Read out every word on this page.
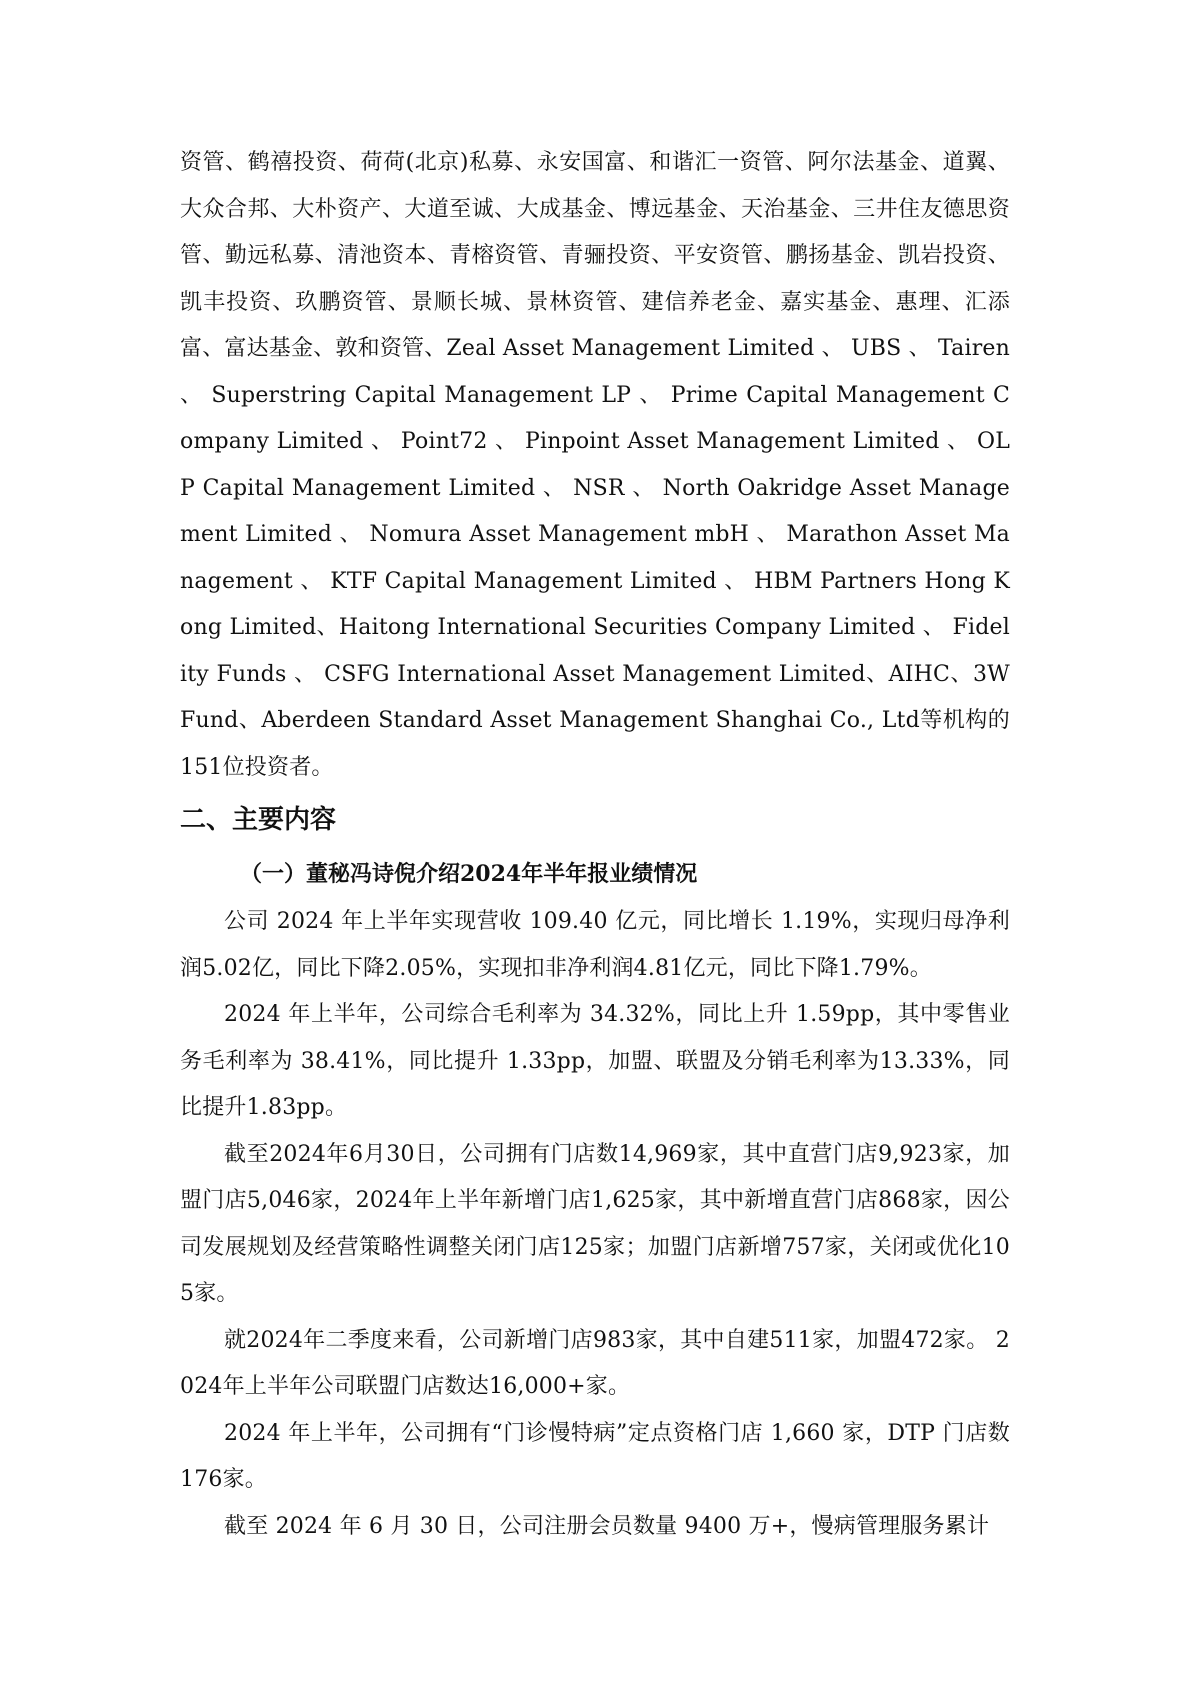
资管、鹤禧投资、荷荷(北京)私募、永安国富、和谐汇一资管、阿尔法基金、道翼、大众合邦、大朴资产、大道至诚、大成基金、博远基金、天治基金、三井住友德思资管、勤远私募、清池资本、青榕资管、青骊投资、平安资管、鹏扬基金、凯岩投资、凯丰投资、玖鹏资管、景顺长城、景林资管、建信养老金、嘉实基金、惠理、汇添富、富达基金、敦和资管、Zeal Asset Management Limited 、 UBS 、 Tairen 、 Superstring Capital Management LP 、 Prime Capital Management Company Limited 、 Point72 、 Pinpoint Asset Management Limited 、 OLP Capital Management Limited 、 NSR 、 North Oakridge Asset Management Limited 、 Nomura Asset Management mbH 、 Marathon Asset Management 、 KTF Capital Management Limited 、 HBM Partners Hong Kong Limited、Haitong International Securities Company Limited 、 Fidelity Funds 、 CSFG International Asset Management Limited、AIHC、3W Fund、Aberdeen Standard Asset Management Shanghai Co., Ltd等机构的151位投资者。

二、主要内容
（一）董秘冯诗倪介绍2024年半年报业绩情况

公司 2024 年上半年实现营收 109.40 亿元，同比增长 1.19%，实现归母净利润5.02亿，同比下降2.05%，实现扣非净利润4.81亿元，同比下降1.79%。

2024 年上半年，公司综合毛利率为 34.32%，同比上升 1.59pp，其中零售业务毛利率为 38.41%，同比提升 1.33pp，加盟、联盟及分销毛利率为13.33%，同比提升1.83pp。

截至2024年6月30日，公司拥有门店数14,969家，其中直营门店9,923家，加盟门店5,046家，2024年上半年新增门店1,625家，其中新增直营门店868家，因公司发展规划及经营策略性调整关闭门店125家；加盟门店新增757家，关闭或优化105家。

就2024年二季度来看，公司新增门店983家，其中自建511家，加盟472家。 2024年上半年公司联盟门店数达16,000+家。

2024 年上半年，公司拥有“门诊慢特病”定点资格门店 1,660 家，DTP 门店数176家。

截至 2024 年 6 月 30 日，公司注册会员数量 9400 万+，慢病管理服务累计
